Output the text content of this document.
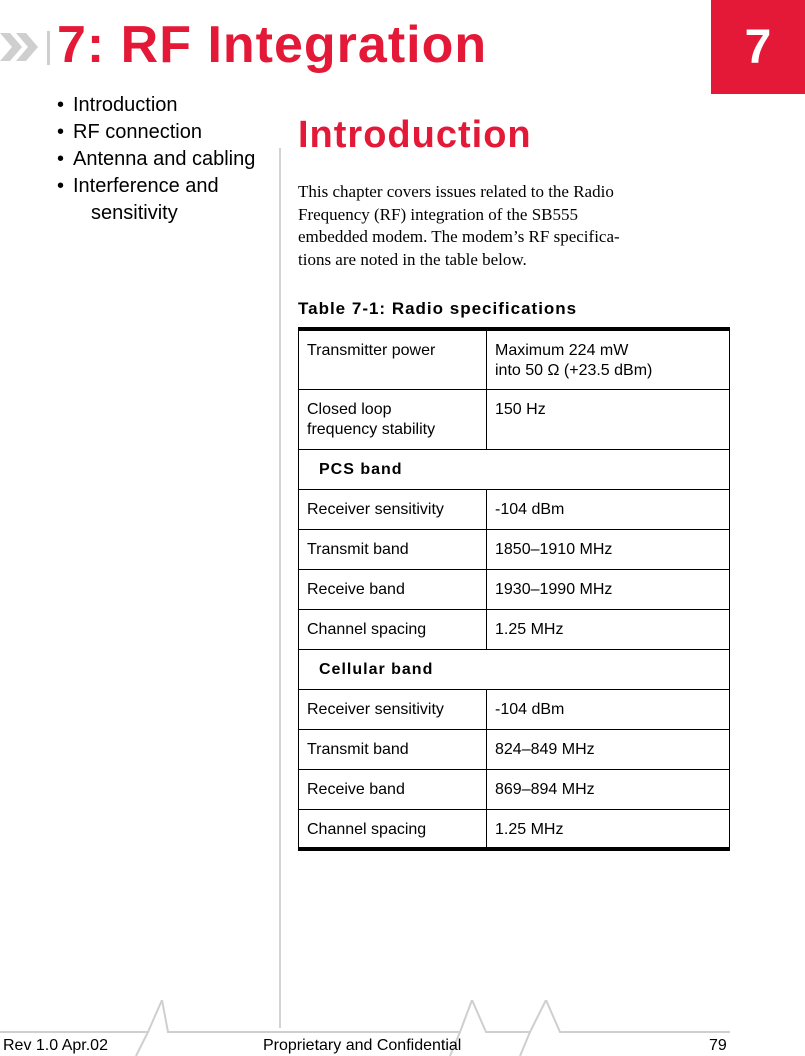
7: RF Integration	7
• Introduction
• RF connection
• Antenna and cabling
• Interference and sensitivity
Introduction

This chapter covers issues related to the Radio
Frequency (RF) integration of the SB555
embedded modem. The modem’s RF specifica-
tions are noted in the table below.

Table 7-1: Radio specifications

Transmitter power	Maximum 224 mW
into 50 Ω (+23.5 dBm)

Closed loop
frequency stability	150 Hz

PCS band	

Receiver sensitivity	-104 dBm

Transmit band	1850–1910 MHz

Receive band	1930–1990 MHz

Channel spacing	1.25 MHz

Cellular band	

Receiver sensitivity	-104 dBm

Transmit band	824–849 MHz

Receive band	869–894 MHz

Channel spacing	1.25 MHz
Rev 1.0 Apr.02	Proprietary and Confidential	79
